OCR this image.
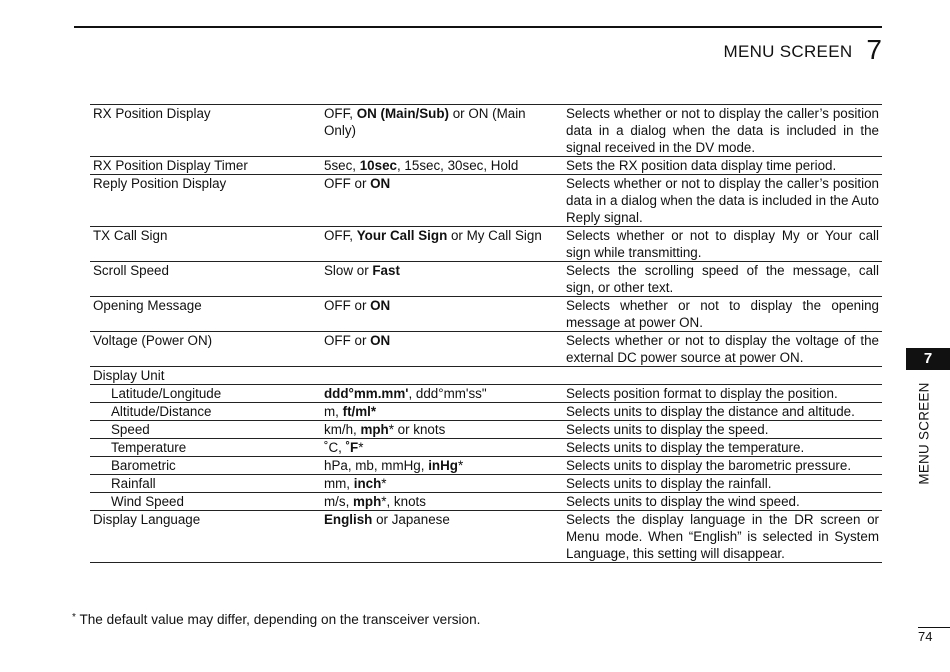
MENU SCREEN 7
RX Position Display	OFF, ON (Main/Sub) or ON (Main Only)	Selects whether or not to display the caller’s position data in a dialog when the data is included in the signal received in the DV mode.
RX Position Display Timer	5sec, 10sec, 15sec, 30sec, Hold	Sets the RX position data display time period.
Reply Position Display	OFF or ON	Selects whether or not to display the caller’s position data in a dialog when the data is included in the Auto Reply signal.
TX Call Sign	OFF, Your Call Sign or My Call Sign	Selects whether or not to display My or Your call sign while transmitting.
Scroll Speed	Slow or Fast	Selects the scrolling speed of the message, call sign, or other text.
Opening Message	OFF or ON	Selects whether or not to display the opening message at power ON.
Voltage (Power ON)	OFF or ON	Selects whether or not to display the voltage of the external DC power source at power ON.
Display Unit		
Latitude/Longitude	ddd°mm.mm', ddd°mm'ss"	Selects position format to display the position.
Altitude/Distance	m, ft/ml*	Selects units to display the distance and altitude.
Speed	km/h, mph* or knots	Selects units to display the speed.
Temperature	˚C, ˚F*	Selects units to display the temperature.
Barometric	hPa, mb, mmHg, inHg*	Selects units to display the barometric pressure.
Rainfall	mm, inch*	Selects units to display the rainfall.
Wind Speed	m/s, mph*, knots	Selects units to display the wind speed.
Display Language	English or Japanese	Selects the display language in the DR screen or Menu mode. When “English” is selected in System Language, this setting will disappear.
* The default value may differ, depending on the transceiver version.
7
MENU SCREEN
74
